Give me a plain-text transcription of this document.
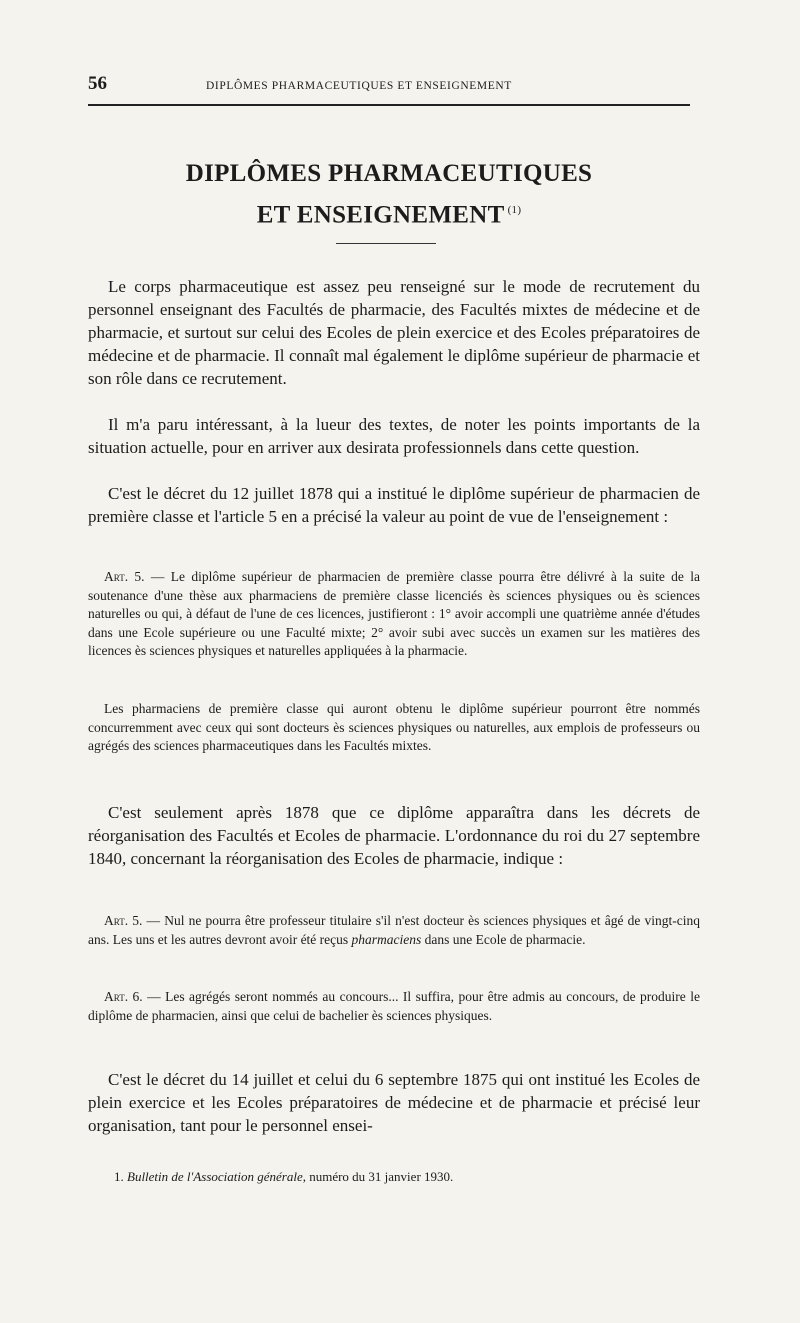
56	DIPLÔMES PHARMACEUTIQUES ET ENSEIGNEMENT
DIPLÔMES PHARMACEUTIQUES
ET ENSEIGNEMENT $^{(1)}$

Le corps pharmaceutique est assez peu renseigné sur le mode de recrutement du personnel enseignant des Facultés de pharmacie, des Facultés mixtes de médecine et de pharmacie, et surtout sur celui des Ecoles de plein exercice et des Ecoles préparatoires de médecine et de pharmacie. Il connaît mal également le diplôme supérieur de pharmacie et son rôle dans ce recrutement.

Il m'a paru intéressant, à la lueur des textes, de noter les points importants de la situation actuelle, pour en arriver aux desirata professionnels dans cette question.

C'est le décret du 12 juillet 1878 qui a institué le diplôme supérieur de pharmacien de première classe et l'article 5 en a précisé la valeur au point de vue de l'enseignement :

Art. 5. — Le diplôme supérieur de pharmacien de première classe pourra être délivré à la suite de la soutenance d'une thèse aux pharmaciens de première classe licenciés ès sciences physiques ou ès sciences naturelles ou qui, à défaut de l'une de ces licences, justifieront : 1° avoir accompli une quatrième année d'études dans une Ecole supérieure ou une Faculté mixte; 2° avoir subi avec succès un examen sur les matières des licences ès sciences physiques et naturelles appliquées à la pharmacie.

Les pharmaciens de première classe qui auront obtenu le diplôme supérieur pourront être nommés concurremment avec ceux qui sont docteurs ès sciences physiques ou naturelles, aux emplois de professeurs ou agrégés des sciences pharmaceutiques dans les Facultés mixtes.

C'est seulement après 1878 que ce diplôme apparaîtra dans les décrets de réorganisation des Facultés et Ecoles de pharmacie. L'ordonnance du roi du 27 septembre 1840, concernant la réorganisation des Ecoles de pharmacie, indique :

Art. 5. — Nul ne pourra être professeur titulaire s'il n'est docteur ès sciences physiques et âgé de vingt-cinq ans. Les uns et les autres devront avoir été reçus pharmaciens dans une Ecole de pharmacie.

Art. 6. — Les agrégés seront nommés au concours... Il suffira, pour être admis au concours, de produire le diplôme de pharmacien, ainsi que celui de bachelier ès sciences physiques.

C'est le décret du 14 juillet et celui du 6 septembre 1875 qui ont institué les Ecoles de plein exercice et les Ecoles préparatoires de médecine et de pharmacie et précisé leur organisation, tant pour le personnel ensei-

1. Bulletin de l'Association générale, numéro du 31 janvier 1930.
